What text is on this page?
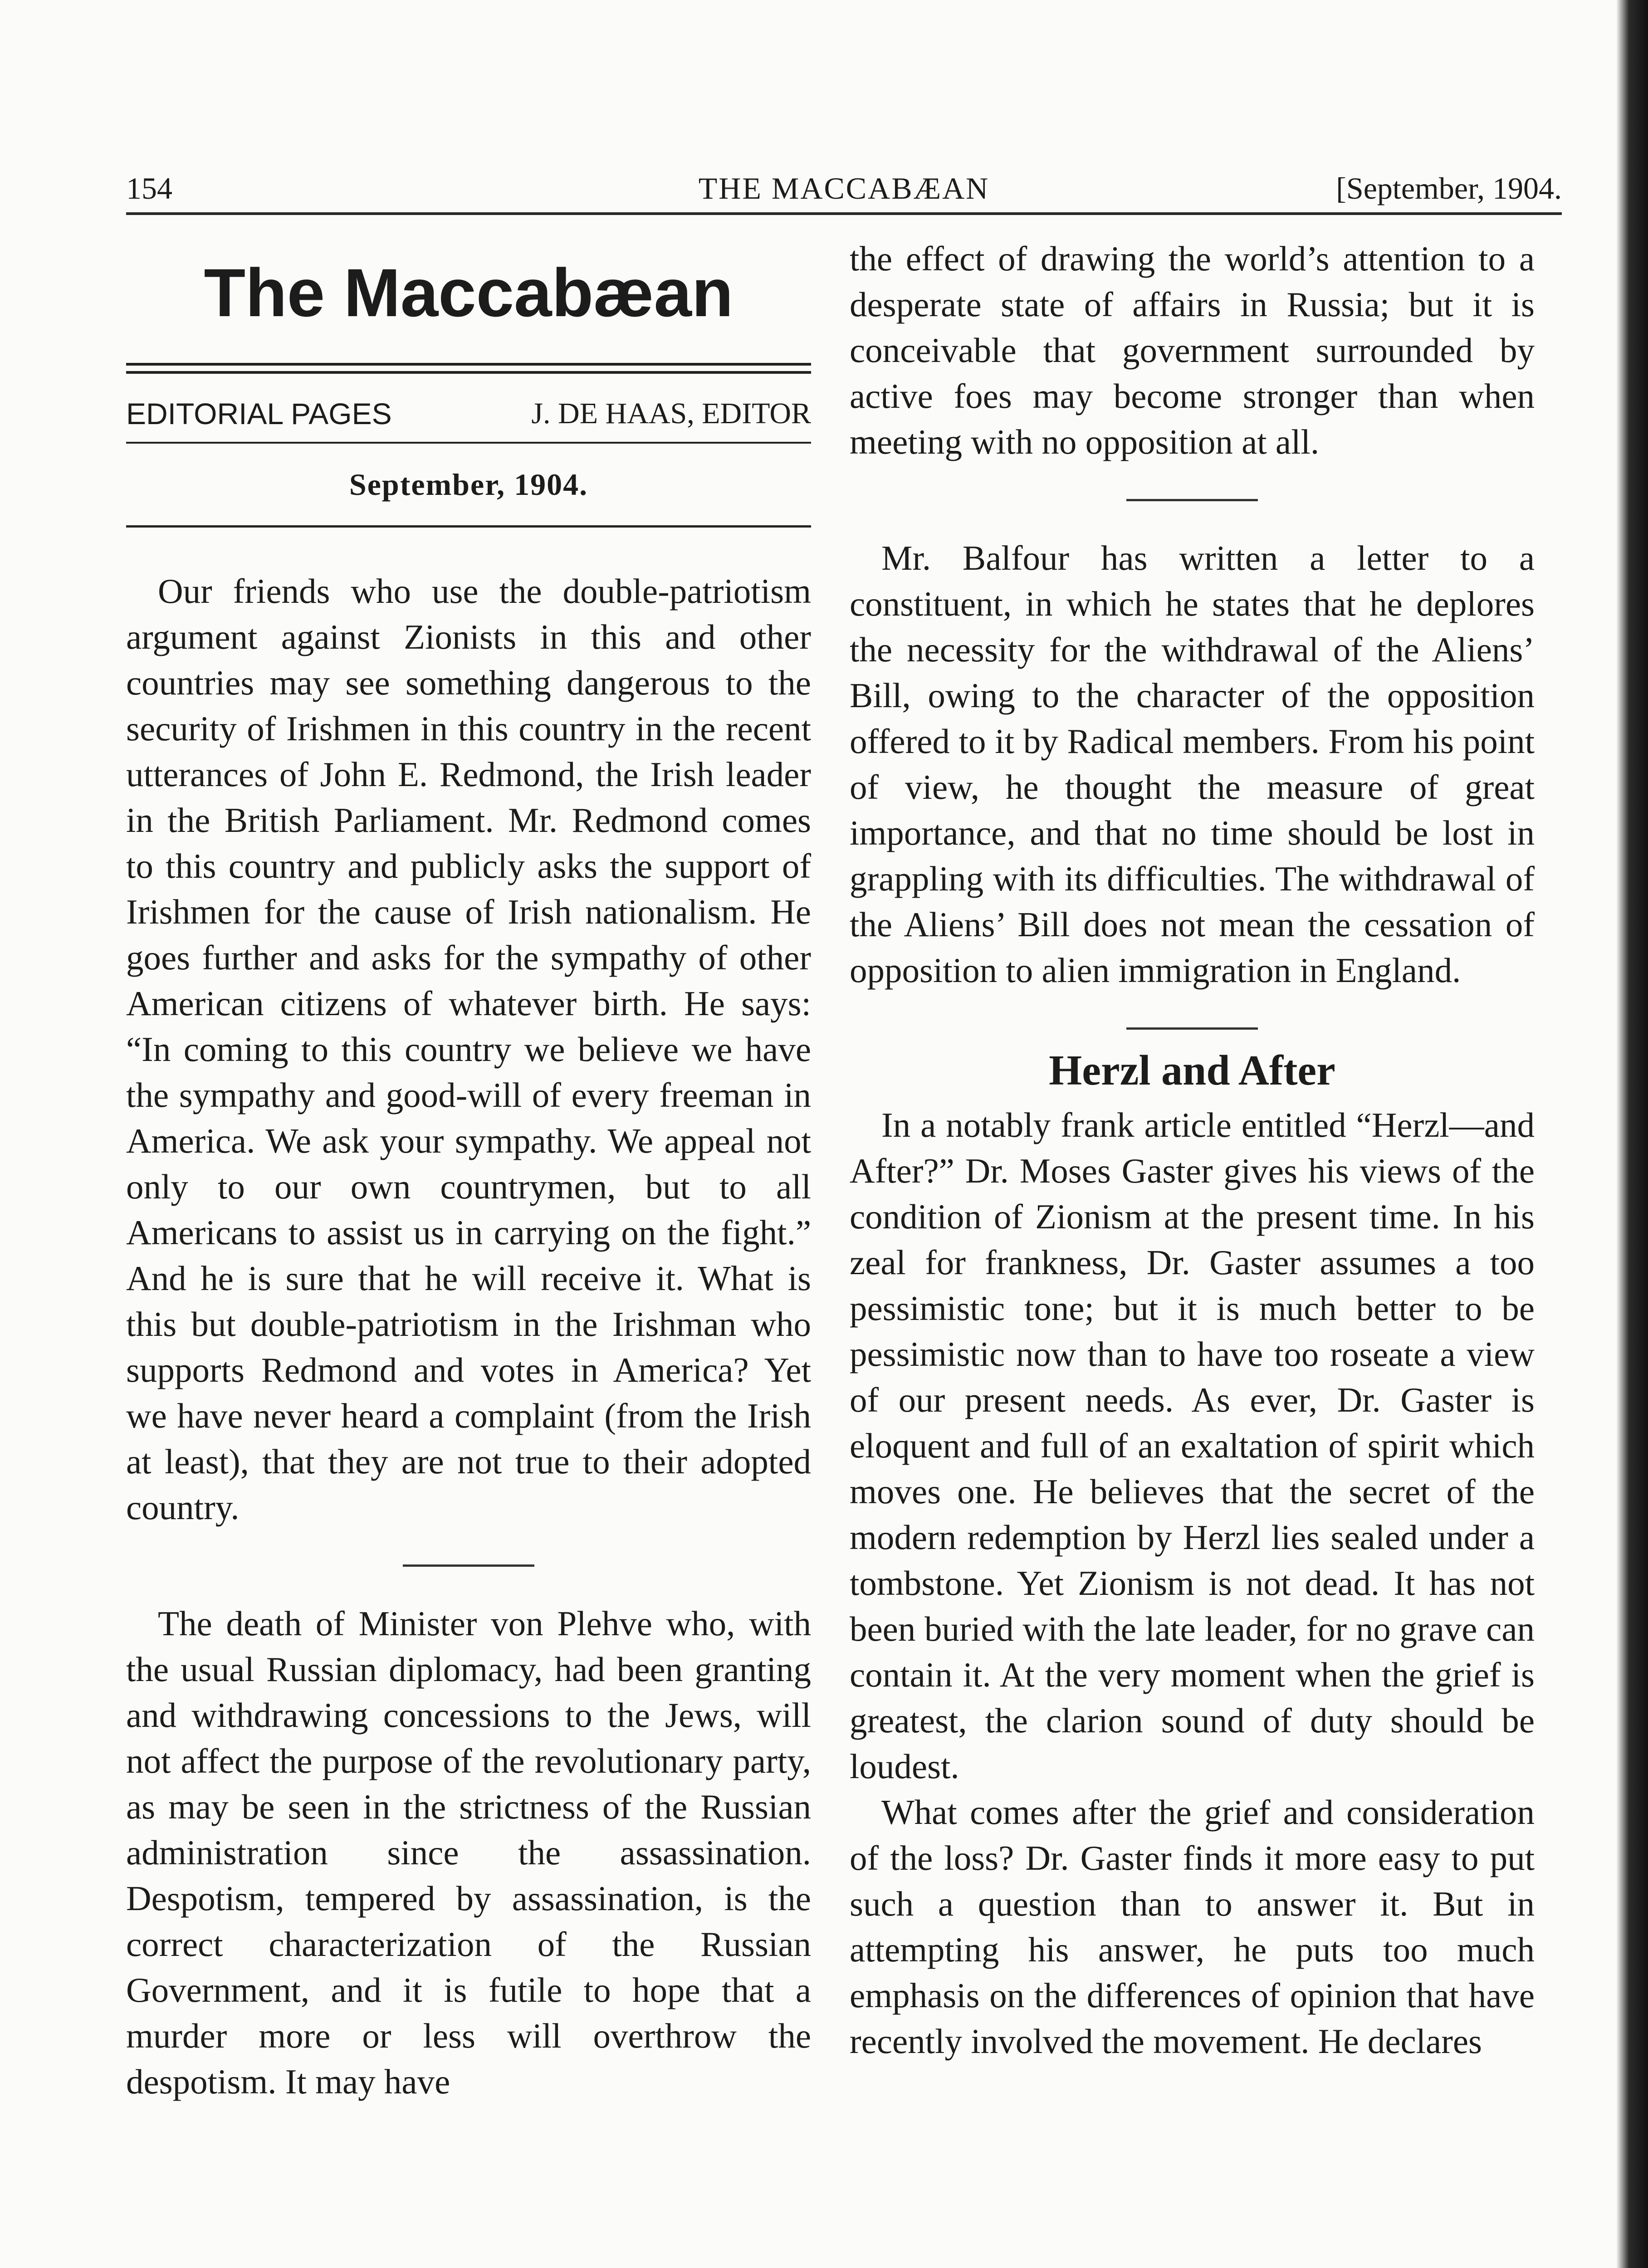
154	THE MACCABÆAN	[September, 1904.
The Maccabæan
EDITORIAL PAGES	J. DE HAAS, EDITOR
September, 1904.

Our friends who use the double-patriotism argument against Zionists in this and other countries may see something dangerous to the security of Irishmen in this country in the recent utterances of John E. Redmond, the Irish leader in the British Parliament. Mr. Redmond comes to this country and publicly asks the support of Irishmen for the cause of Irish nationalism. He goes further and asks for the sympathy of other American citizens of whatever birth. He says: “In coming to this country we believe we have the sympathy and good-will of every freeman in America. We ask your sympathy. We appeal not only to our own countrymen, but to all Americans to assist us in carrying on the fight.” And he is sure that he will receive it. What is this but double-patriotism in the Irishman who supports Redmond and votes in America? Yet we have never heard a complaint (from the Irish at least), that they are not true to their adopted country.

The death of Minister von Plehve who, with the usual Russian diplomacy, had been granting and withdrawing concessions to the Jews, will not affect the purpose of the revolutionary party, as may be seen in the strictness of the Russian administration since the assassination. Despotism, tempered by assassination, is the correct characterization of the Russian Government, and it is futile to hope that a murder more or less will overthrow the despotism. It may have

the effect of drawing the world’s attention to a desperate state of affairs in Russia; but it is conceivable that government surrounded by active foes may become stronger than when meeting with no opposition at all.

Mr. Balfour has written a letter to a constituent, in which he states that he deplores the necessity for the withdrawal of the Aliens’ Bill, owing to the character of the opposition offered to it by Radical members. From his point of view, he thought the measure of great importance, and that no time should be lost in grappling with its difficulties. The withdrawal of the Aliens’ Bill does not mean the cessation of opposition to alien immigration in England.

Herzl and After

In a notably frank article entitled “Herzl—and After?” Dr. Moses Gaster gives his views of the condition of Zionism at the present time. In his zeal for frankness, Dr. Gaster assumes a too pessimistic tone; but it is much better to be pessimistic now than to have too roseate a view of our present needs. As ever, Dr. Gaster is eloquent and full of an exaltation of spirit which moves one. He believes that the secret of the modern redemption by Herzl lies sealed under a tombstone. Yet Zionism is not dead. It has not been buried with the late leader, for no grave can contain it. At the very moment when the grief is greatest, the clarion sound of duty should be loudest.

What comes after the grief and consideration of the loss? Dr. Gaster finds it more easy to put such a question than to answer it. But in attempting his answer, he puts too much emphasis on the differences of opinion that have recently involved the movement. He declares
